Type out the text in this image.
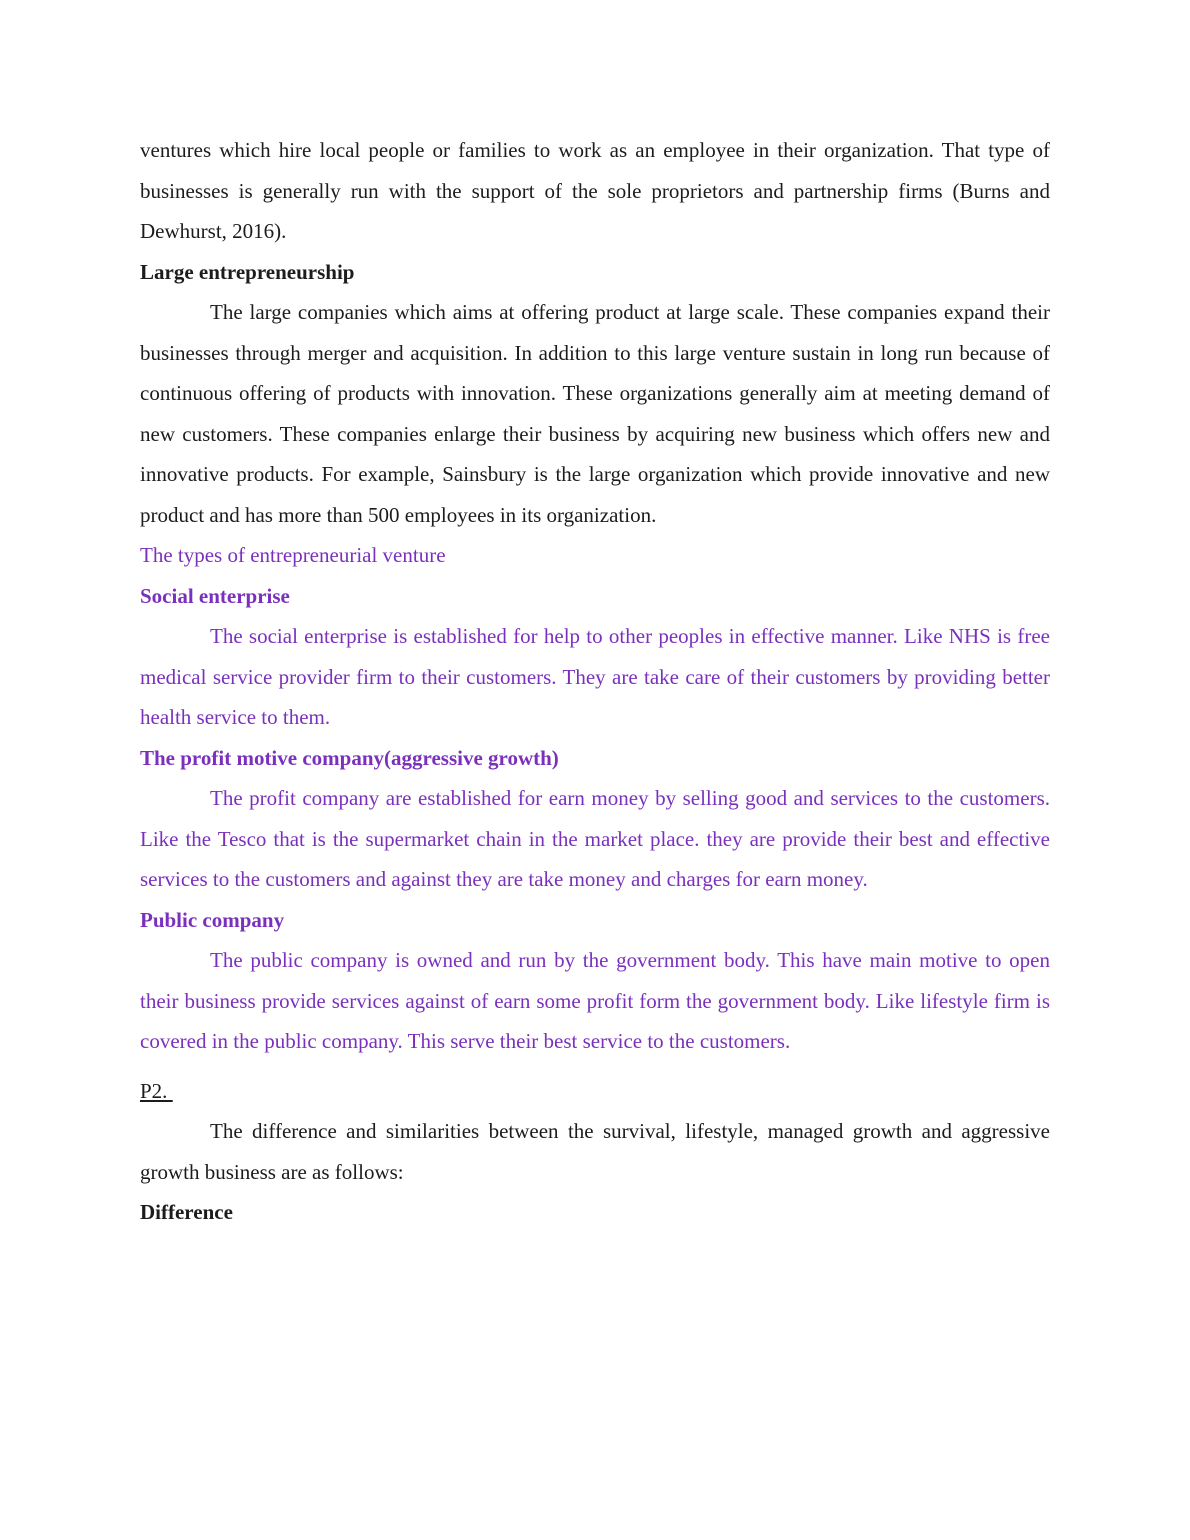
ventures which hire local people or families to work as an employee in their organization. That type of businesses is generally run with the support of the sole proprietors and partnership firms (Burns and Dewhurst, 2016).

Large entrepreneurship

The large companies which aims at offering product at large scale. These companies expand their businesses through merger and acquisition. In addition to this large venture sustain in long run because of continuous offering of products with innovation. These organizations generally aim at meeting demand of new customers. These companies enlarge their business by acquiring new business which offers new and innovative products. For example, Sainsbury is the large organization which provide innovative and new product and has more than 500 employees in its organization.

The types of entrepreneurial venture

Social enterprise

The social enterprise is established for help to other peoples in effective manner. Like NHS is free medical service provider firm to their customers. They are take care of their customers by providing better health service to them.

The profit motive company(aggressive growth)

The profit company are established for earn money by selling good and services to the customers. Like the Tesco that is the supermarket chain in the market place. they are provide their best and effective services to the customers and against they are take money and charges for earn money.

Public company

The public company is owned and run by the government body. This have main motive to open their business provide services against of earn some profit form the government body. Like lifestyle firm is covered in the public company. This serve their best service to the customers.

P2.

The difference and similarities between the survival, lifestyle, managed growth and aggressive growth business are as follows:

Difference
